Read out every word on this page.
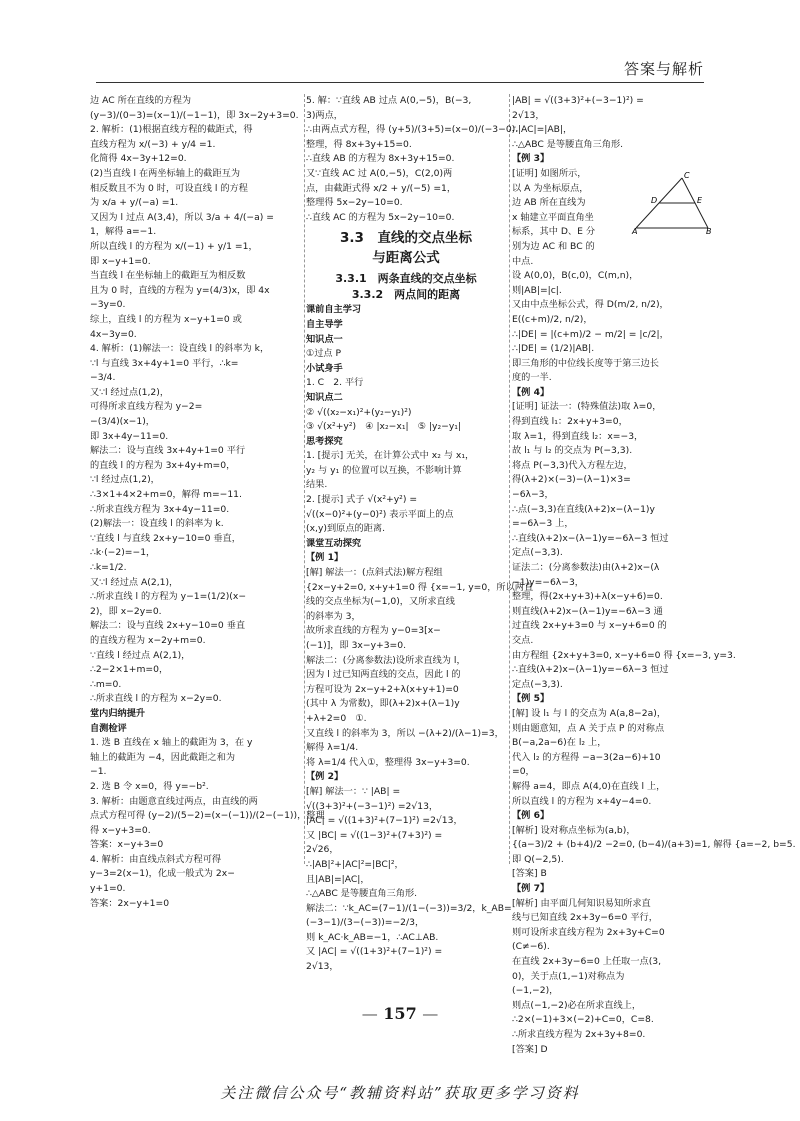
答案与解析
边 AC 所在直线的方程为
(y−3)/(0−3)=(x−1)/(−1−1)，即 3x−2y+3=0.
2. 解析：(1)根据直线方程的截距式，得
直线方程为 x/(−3) + y/4 =1.
化简得 4x−3y+12=0.
(2)当直线 l 在两坐标轴上的截距互为
相反数且不为 0 时，可设直线 l 的方程
为 x/a + y/(−a) =1.
又因为 l 过点 A(3,4)，所以 3/a + 4/(−a) =
1，解得 a=−1.
所以直线 l 的方程为 x/(−1) + y/1 =1，
即 x−y+1=0.
当直线 l 在坐标轴上的截距互为相反数
且为 0 时，直线的方程为 y=(4/3)x，即 4x
−3y=0.
综上，直线 l 的方程为 x−y+1=0 或
4x−3y=0.
4. 解析：(1)解法一：设直线 l 的斜率为 k，
∵l 与直线 3x+4y+1=0 平行，∴k=
−3/4.
又∵l 经过点(1,2)，
可得所求直线方程为 y−2=
−(3/4)(x−1)，
即 3x+4y−11=0.
解法二：设与直线 3x+4y+1=0 平行
的直线 l 的方程为 3x+4y+m=0，
∵l 经过点(1,2)，
∴3×1+4×2+m=0，解得 m=−11.
∴所求直线方程为 3x+4y−11=0.
(2)解法一：设直线 l 的斜率为 k.
∵直线 l 与直线 2x+y−10=0 垂直，
∴k·(−2)=−1，
∴k=1/2.
又∵l 经过点 A(2,1)，
∴所求直线 l 的方程为 y−1=(1/2)(x−
2)，即 x−2y=0.
解法二：设与直线 2x+y−10=0 垂直
的直线方程为 x−2y+m=0.
∵直线 l 经过点 A(2,1)，
∴2−2×1+m=0，
∴m=0.
∴所求直线 l 的方程为 x−2y=0.
堂内归纳提升
自测检评
1. 选 B 直线在 x 轴上的截距为 3，在 y
轴上的截距为 −4，因此截距之和为
−1.
2. 选 B 令 x=0，得 y=−b².
3. 解析：由题意直线过两点，由直线的两
点式方程可得 (y−2)/(5−2)=(x−(−1))/(2−(−1))，整理
得 x−y+3=0.
答案：x−y+3=0
4. 解析：由直线点斜式方程可得
y−3=2(x−1)，化成一般式为 2x−
y+1=0.
答案：2x−y+1=0
5. 解：∵直线 AB 过点 A(0,−5)，B(−3,
3)两点，
∴由两点式方程，得 (y+5)/(3+5)=(x−0)/(−3−0).
整理，得 8x+3y+15=0.
∴直线 AB 的方程为 8x+3y+15=0.
又∵直线 AC 过 A(0,−5)，C(2,0)两
点，由截距式得 x/2 + y/(−5) =1，
整理得 5x−2y−10=0.
∴直线 AC 的方程为 5x−2y−10=0.
3.3　直线的交点坐标
与距离公式
3.3.1　两条直线的交点坐标
3.3.2　两点间的距离
课前自主学习
自主导学
知识点一
①过点 P
小试身手
1. C　2. 平行
知识点二
② √((x₂−x₁)²+(y₂−y₁)²)
③ √(x²+y²)　④ |x₂−x₁|　⑤ |y₂−y₁|
思考探究
1. [提示] 无关，在计算公式中 x₂ 与 x₁，
y₂ 与 y₁ 的位置可以互换，不影响计算
结果.
2. [提示] 式子 √(x²+y²) =
√((x−0)²+(y−0)²) 表示平面上的点
(x,y)到原点的距离.
课堂互动探究
【例 1】
[解] 解法一：(点斜式法)解方程组
{2x−y+2=0, x+y+1=0 得 {x=−1, y=0，所以两直
线的交点坐标为(−1,0)，又所求直线
的斜率为 3，
故所求直线的方程为 y−0=3[x−
(−1)]，即 3x−y+3=0.
解法二：(分离参数法)设所求直线为 l，
因为 l 过已知两直线的交点，因此 l 的
方程可设为 2x−y+2+λ(x+y+1)=0
(其中 λ 为常数)，即(λ+2)x+(λ−1)y
+λ+2=0　①.
又直线 l 的斜率为 3，所以 −(λ+2)/(λ−1)=3，
解得 λ=1/4.
将 λ=1/4 代入①，整理得 3x−y+3=0.
【例 2】
[解] 解法一：∵ |AB| =
√((3+3)²+(−3−1)²) =2√13，
|AC| = √((1+3)²+(7−1)²) =2√13，
又 |BC| = √((1−3)²+(7+3)²) =
2√26，
∴|AB|²+|AC|²=|BC|²，
且|AB|=|AC|，
∴△ABC 是等腰直角三角形.
解法二：∵k_AC=(7−1)/(1−(−3))=3/2，k_AB=
(−3−1)/(3−(−3))=−2/3，
则 k_AC·k_AB=−1，∴AC⊥AB.
又 |AC| = √((1+3)²+(7−1)²) =
2√13，
|AB| = √((3+3)²+(−3−1)²) =
2√13，
∴|AC|=|AB|，
∴△ABC 是等腰直角三角形.
【例 3】
[证明] 如图所示，
以 A 为坐标原点，
边 AB 所在直线为
x 轴建立平面直角坐
标系，其中 D、E 分
别为边 AC 和 BC 的
中点.
设 A(0,0)，B(c,0)，C(m,n)，
则|AB|=|c|.
又由中点坐标公式，得 D(m/2, n/2)，
E((c+m)/2, n/2)，
∴|DE| = |(c+m)/2 − m/2| = |c/2|，
∴|DE| = (1/2)|AB|.
即三角形的中位线长度等于第三边长
度的一半.
【例 4】
[证明] 证法一：(特殊值法)取 λ=0，
得到直线 l₁：2x+y+3=0，
取 λ=1，得到直线 l₂：x=−3，
故 l₁ 与 l₂ 的交点为 P(−3,3).
将点 P(−3,3)代入方程左边，
得(λ+2)×(−3)−(λ−1)×3=
−6λ−3，
∴点(−3,3)在直线(λ+2)x−(λ−1)y
=−6λ−3 上，
∴直线(λ+2)x−(λ−1)y=−6λ−3 恒过
定点(−3,3).
证法二：(分离参数法)由(λ+2)x−(λ
−1)y=−6λ−3，
整理，得(2x+y+3)+λ(x−y+6)=0.
则直线(λ+2)x−(λ−1)y=−6λ−3 通
过直线 2x+y+3=0 与 x−y+6=0 的
交点.
由方程组 {2x+y+3=0, x−y+6=0 得 {x=−3, y=3.
∴直线(λ+2)x−(λ−1)y=−6λ−3 恒过
定点(−3,3).
【例 5】
[解] 设 l₁ 与 l 的交点为 A(a,8−2a)，
则由题意知，点 A 关于点 P 的对称点
B(−a,2a−6)在 l₂ 上，
代入 l₂ 的方程得 −a−3(2a−6)+10
=0，
解得 a=4，即点 A(4,0)在直线 l 上，
所以直线 l 的方程为 x+4y−4=0.
【例 6】
[解析] 设对称点坐标为(a,b)，
{(a−3)/2 + (b+4)/2 −2=0, (b−4)/(a+3)=1, 解得 {a=−2, b=5.
即 Q(−2,5).
[答案] B
【例 7】
[解析] 由平面几何知识易知所求直
线与已知直线 2x+3y−6=0 平行，
则可设所求直线方程为 2x+3y+C=0
(C≠−6).
在直线 2x+3y−6=0 上任取一点(3,
0)，关于点(1,−1)对称点为
(−1,−2)，
则点(−1,−2)必在所求直线上，
∴2×(−1)+3×(−2)+C=0，C=8.
∴所求直线方程为 2x+3y+8=0.
[答案] D
C
D	E
A	B
— 157 —
关注微信公众号“教辅资料站”获取更多学习资料
